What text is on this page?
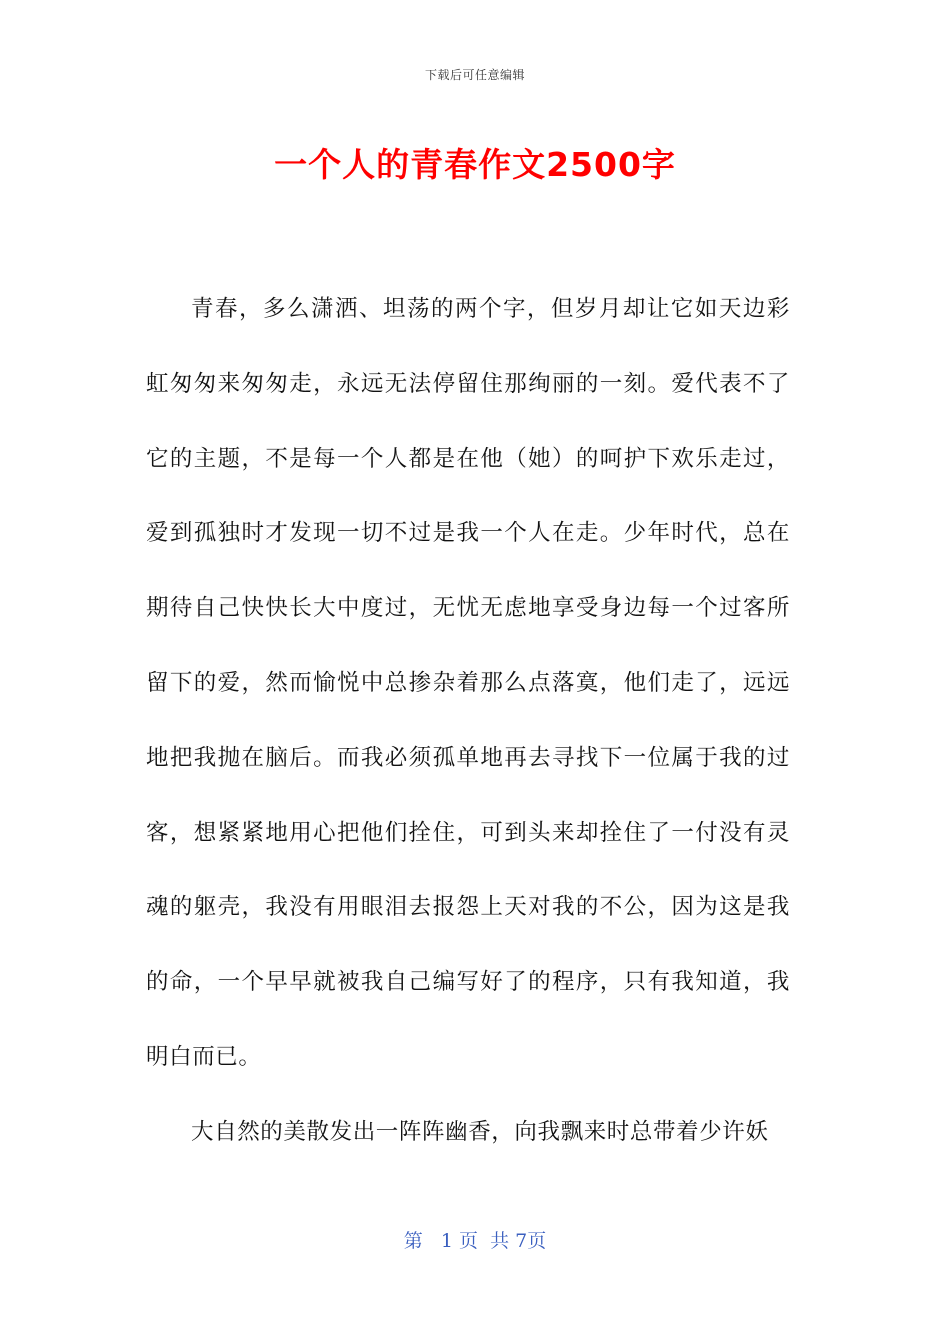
下载后可任意编辑
一个人的青春作文2500字

青春，多么潇洒、坦荡的两个字，但岁月却让它如天边彩虹匆匆来匆匆走，永远无法停留住那绚丽的一刻。爱代表不了它的主题，不是每一个人都是在他（她）的呵护下欢乐走过，爱到孤独时才发现一切不过是我一个人在走。少年时代，总在期待自己快快长大中度过，无忧无虑地享受身边每一个过客所留下的爱，然而愉悦中总掺杂着那么点落寞，他们走了，远远地把我抛在脑后。而我必须孤单地再去寻找下一位属于我的过客，想紧紧地用心把他们拴住，可到头来却拴住了一付没有灵魂的躯壳，我没有用眼泪去报怨上天对我的不公，因为这是我的命，一个早早就被我自己编写好了的程序，只有我知道，我明白而已。

大自然的美散发出一阵阵幽香，向我飘来时总带着少许妖

第   1 页  共 7页
